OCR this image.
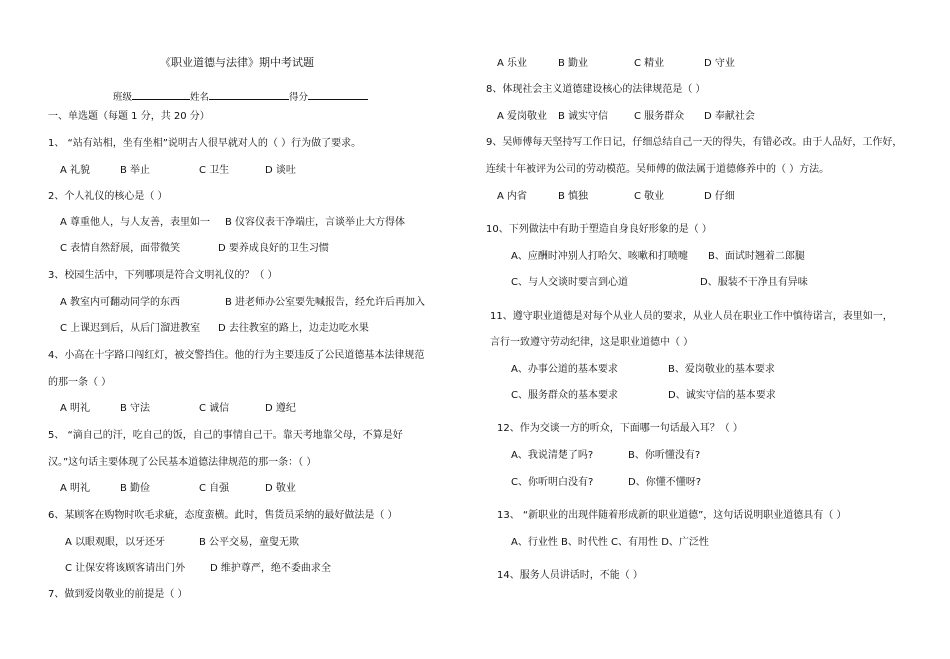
《职业道德与法律》期中考试题
班级	姓名	得分
一、单选题（每题 1 分，共 20 分）
1、 “站有站相，坐有坐相”说明古人很早就对人的（ ）行为做了要求。
A 礼貌	B 举止	C 卫生	D 谈吐
2、个人礼仪的核心是（ ）
A 尊重他人，与人友善，表里如一 B 仪容仪表干净端庄，言谈举止大方得体
C 表情自然舒展，面带微笑	D 要养成良好的卫生习惯
3、校园生活中，下列哪项是符合文明礼仪的？（ ）
A 教室内可翻动同学的东西	B 进老师办公室要先喊报告，经允许后再加入
C 上课迟到后，从后门溜进教室 D 去往教室的路上，边走边吃水果
4、小高在十字路口闯红灯，被交警挡住。他的行为主要违反了公民道德基本法律规范
的那一条（ ）
A 明礼	B 守法	C 诚信	D 遵纪
5、 “滴自己的汗，吃自己的饭，自己的事情自己干。靠天考地靠父母，不算是好
汉。”这句话主要体现了公民基本道德法律规范的那一条：（ ）
A 明礼	B 勤俭	C 自强	D 敬业
6、某顾客在购物时吹毛求疵，态度蛮横。此时，售货员采纳的最好做法是（ ）
A 以眼观眼，以牙还牙	B 公平交易，童叟无欺
C 让保安将该顾客请出门外 D 维护尊严，绝不委曲求全
7、做到爱岗敬业的前提是（ ）
A 乐业	B 勤业	C 精业	D 守业
8、体现社会主义道德建设核心的法律规范是（ ）
A 爱岗敬业 B 诚实守信	C 服务群众 D 奉献社会
9、吴师傅每天坚持写工作日记，仔细总结自己一天的得失，有错必改。由于人品好，工作好，
连续十年被评为公司的劳动模范。吴师傅的做法属于道德修养中的（ ）方法。
A 内省	B 慎独	C 敬业	D 仔细
10、下列做法中有助于塑造自身良好形象的是（ ）
A、应酬时冲别人打哈欠、咳嗽和打喷嚏 B、面试时翘着二郎腿
C、与人交谈时要言到心道	D、服装不干净且有异味
11、遵守职业道德是对每个从业人员的要求，从业人员在职业工作中慎待诺言，表里如一，
言行一致遵守劳动纪律，这是职业道德中（ ）
A、办事公道的基本要求	B、爱岗敬业的基本要求
C、服务群众的基本要求	D、诚实守信的基本要求
12、作为交谈一方的听众，下面哪一句话最入耳？（ ）
A、我说清楚了吗?	B、你听懂没有?
C、你听明白没有?	D、你懂不懂呀?
13、 “新职业的出现伴随着形成新的职业道德”，这句话说明职业道德具有（ ）
A、行业性 B、时代性 C、有用性 D、广泛性
14、服务人员讲话时，不能（ ）
